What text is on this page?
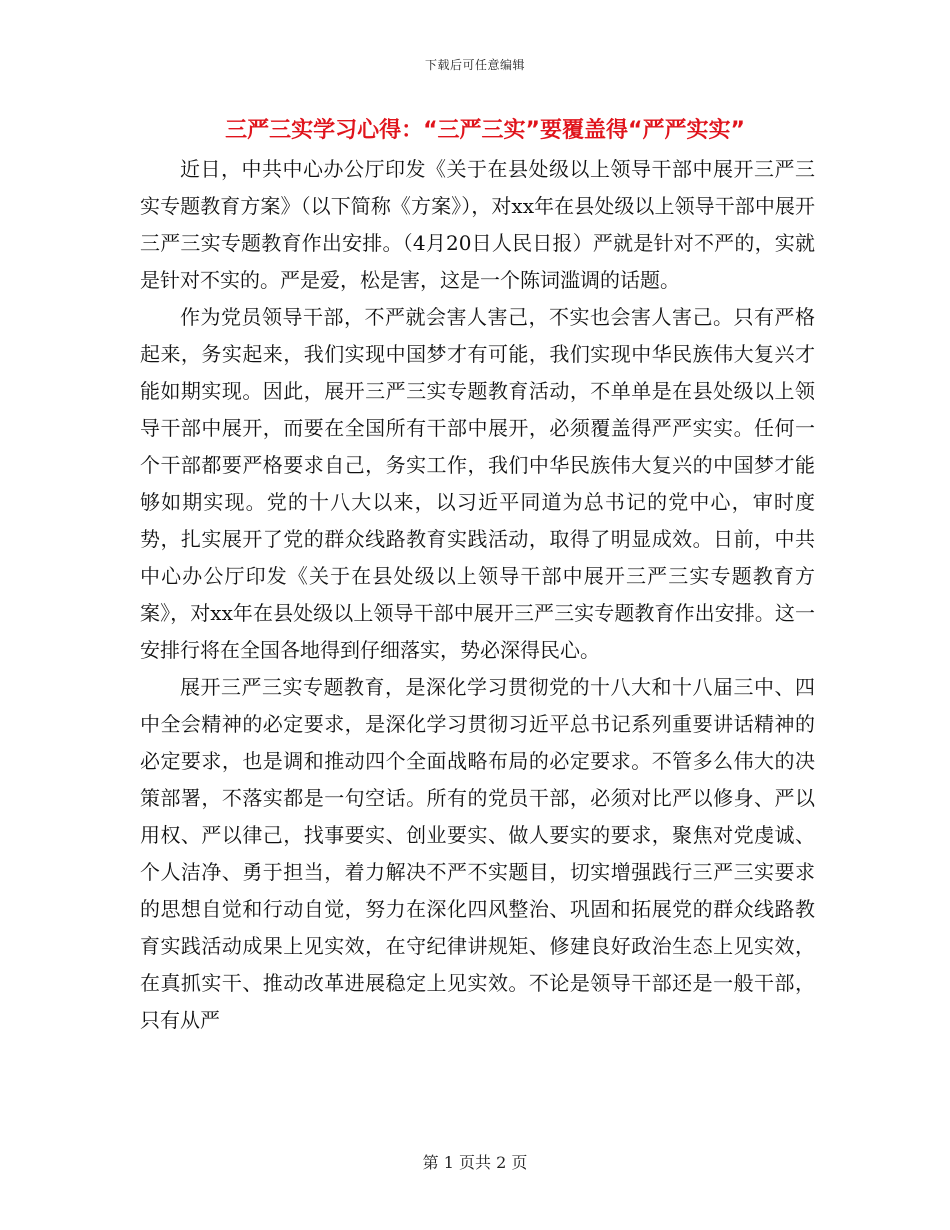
下载后可任意编辑
三严三实学习心得：“三严三实”要覆盖得“严严实实”

近日，中共中心办公厅印发《关于在县处级以上领导干部中展开三严三实专题教育方案》（以下简称《方案》），对xx年在县处级以上领导干部中展开三严三实专题教育作出安排。（4月20日人民日报）严就是针对不严的，实就是针对不实的。严是爱，松是害，这是一个陈词滥调的话题。

作为党员领导干部，不严就会害人害己，不实也会害人害己。只有严格起来，务实起来，我们实现中国梦才有可能，我们实现中华民族伟大复兴才能如期实现。因此，展开三严三实专题教育活动，不单单是在县处级以上领导干部中展开，而要在全国所有干部中展开，必须覆盖得严严实实。任何一个干部都要严格要求自己，务实工作，我们中华民族伟大复兴的中国梦才能够如期实现。党的十八大以来，以习近平同道为总书记的党中心，审时度势，扎实展开了党的群众线路教育实践活动，取得了明显成效。日前，中共中心办公厅印发《关于在县处级以上领导干部中展开三严三实专题教育方案》，对xx年在县处级以上领导干部中展开三严三实专题教育作出安排。这一安排行将在全国各地得到仔细落实，势必深得民心。

展开三严三实专题教育，是深化学习贯彻党的十八大和十八届三中、四中全会精神的必定要求，是深化学习贯彻习近平总书记系列重要讲话精神的必定要求，也是调和推动四个全面战略布局的必定要求。不管多么伟大的决策部署，不落实都是一句空话。所有的党员干部，必须对比严以修身、严以用权、严以律己，找事要实、创业要实、做人要实的要求，聚焦对党虔诚、个人洁净、勇于担当，着力解决不严不实题目，切实增强践行三严三实要求的思想自觉和行动自觉，努力在深化四风整治、巩固和拓展党的群众线路教育实践活动成果上见实效，在守纪律讲规矩、修建良好政治生态上见实效，在真抓实干、推动改革进展稳定上见实效。不论是领导干部还是一般干部，只有从严

第 1 页共 2 页
